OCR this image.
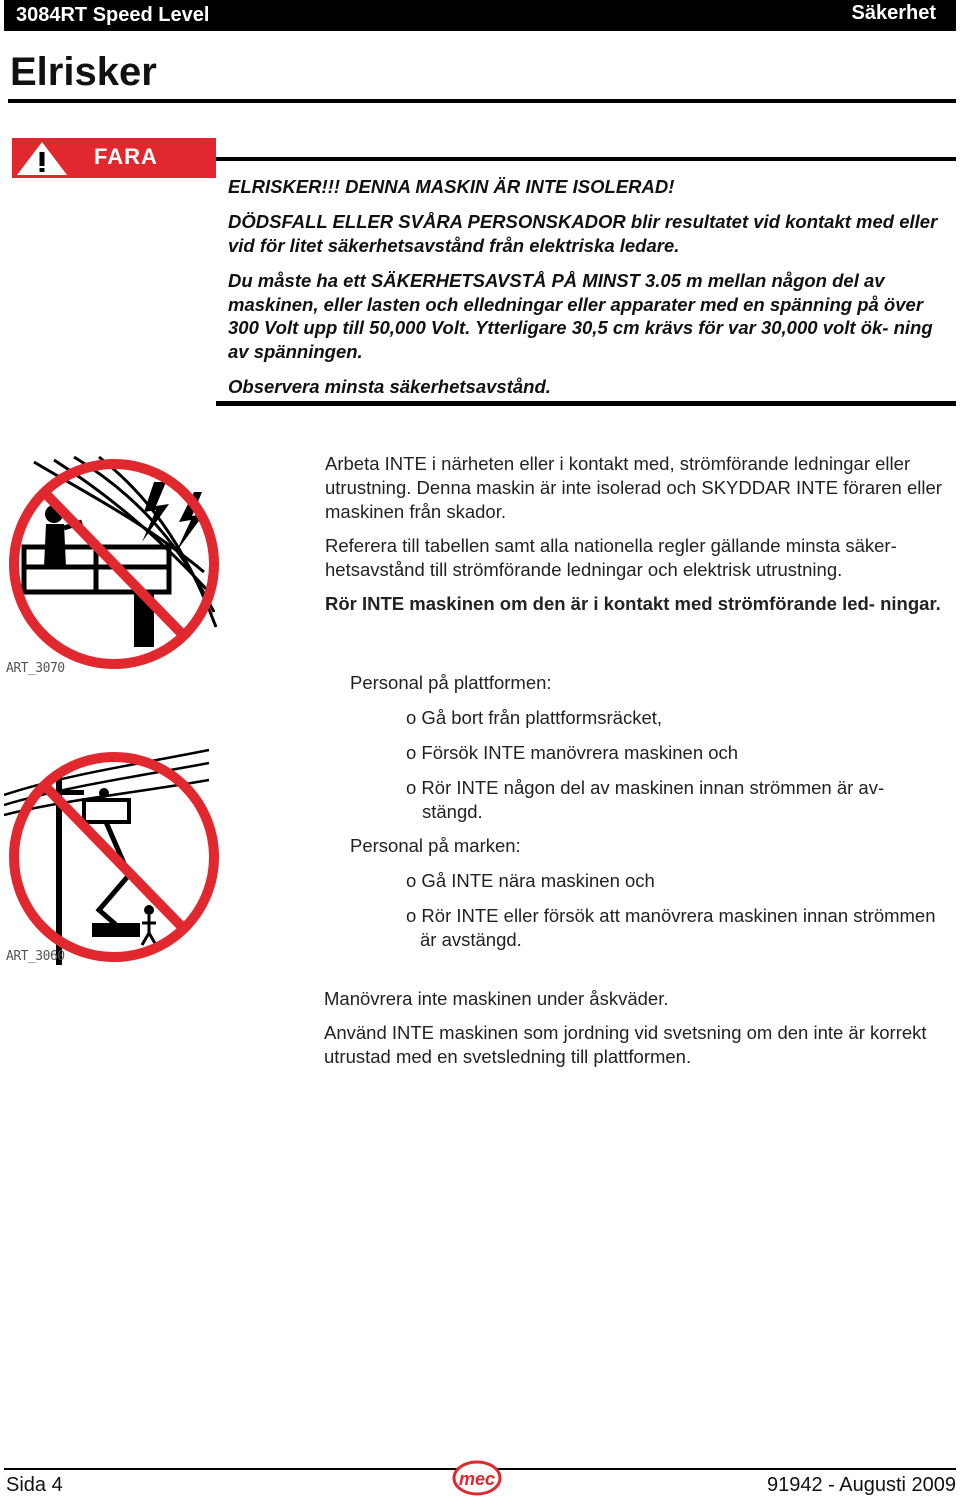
3084RT Speed Level	Säkerhet
Elrisker
FARA
ELRISKER!!! DENNA MASKIN ÄR INTE ISOLERAD!
DÖDSFALL ELLER SVÅRA PERSONSKADOR blir resultatet vid kontakt med eller vid för litet säkerhetsavstånd från elektriska ledare.
Du måste ha ett SÄKERHETSAVSTÅ PÅ MINST 3.05 m mellan någon del av maskinen, eller lasten och elledningar eller apparater med en spänning på över 300 Volt upp till 50,000 Volt. Ytterligare 30,5 cm krävs för var 30,000 volt ök- ning av spänningen.
Observera minsta säkerhetsavstånd.
ART_3070
ART_3060
Arbeta INTE i närheten eller i kontakt med, strömförande ledningar eller utrustning. Denna maskin är inte isolerad och SKYDDAR INTE föraren eller maskinen från skador.
Referera till tabellen samt alla nationella regler gällande minsta säker- hetsavstånd till strömförande ledningar och elektrisk utrustning.
Rör INTE maskinen om den är i kontakt med strömförande led- ningar.
Personal på plattformen:
o Gå bort från plattformsräcket,
o Försök INTE manövrera maskinen och
o Rör INTE någon del av maskinen innan strömmen är av-
stängd.
Personal på marken:
o Gå INTE nära maskinen och
o Rör INTE eller försök att manövrera maskinen innan strömmen
är avstängd.
Manövrera inte maskinen under åskväder.
Använd INTE maskinen som jordning vid svetsning om den inte är korrekt utrustad med en svetsledning till plattformen.
Sida 4	mec	91942 - Augusti 2009
